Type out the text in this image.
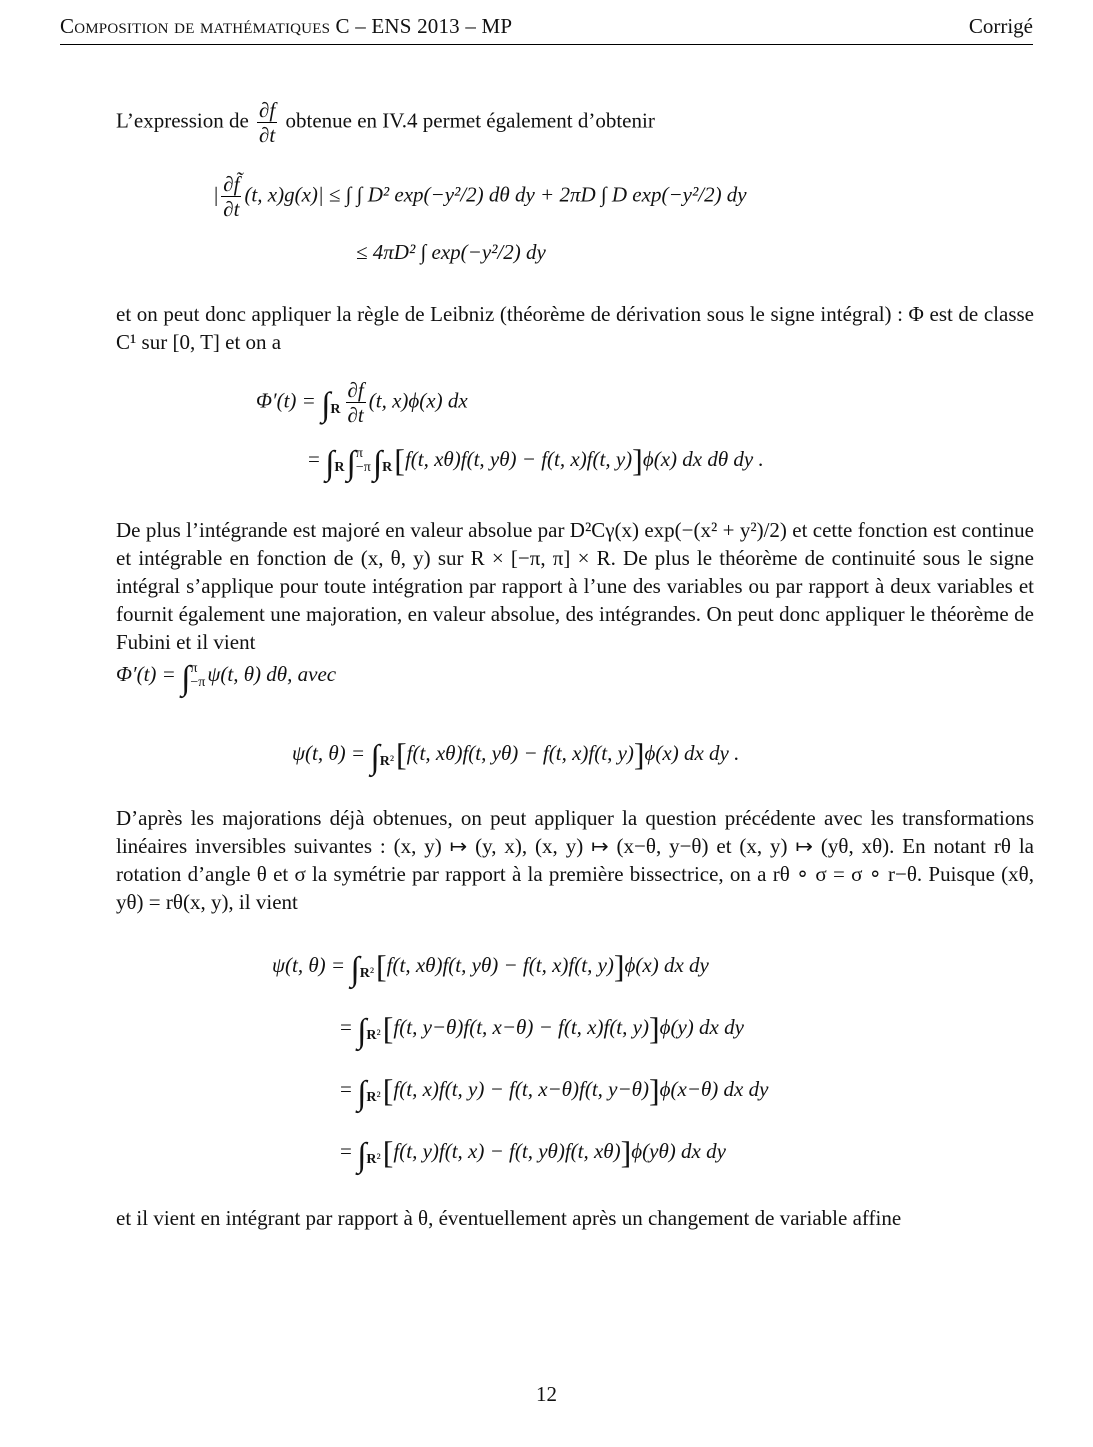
Composition de mathématiques C – ENS 2013 – MP	Corrigé
L’expression de $\frac{\partial f}{\partial t}$ obtenue en IV.4 permet également d’obtenir
| $\frac{\partial f̃}{\partial t} (t$, x)g(x)| ≤ ∫ ∫ D² exp(−y²/2) dθ dy + 2πD ∫ D exp(−y²/2) dy
≤ 4πD² ∫ exp(−y²/2) dy

et on peut donc appliquer la règle de Leibniz (théorème de dérivation sous le signe intégral) : Φ est de classe C¹ sur [0, T] et on a

Φ′(t) = ∫
R $\frac{\partial f}{\partial t} (t$, x)ϕ(x) dx
= ∫
R∫π
−π∫
R[f(t, xθ)f(t, yθ) − f(t, x)f(t, y)]ϕ(x) dx dθ dy .

De plus l’intégrande est majoré en valeur absolue par D²Cγ(x) exp(−(x² + y²)/2) et cette fonction est continue et intégrable en fonction de (x, θ, y) sur R × [−π, π] × R. De plus le théorème de continuité sous le signe intégral s’applique pour toute intégration par rapport à l’une des variables ou par rapport à deux variables et fournit également une majoration, en valeur absolue, des intégrandes. On peut donc appliquer le théorème de Fubini et il vient

Φ′(t) = ∫π
−πψ(t, θ) dθ, avec
ψ(t, θ) = ∫
R²[f(t, xθ)f(t, yθ) − f(t, x)f(t, y)]ϕ(x) dx dy .

D’après les majorations déjà obtenues, on peut appliquer la question précédente avec les transformations linéaires inversibles suivantes : (x, y) ↦ (y, x), (x, y) ↦ (x−θ, y−θ) et (x, y) ↦ (yθ, xθ). En notant rθ la rotation d’angle θ et σ la symétrie par rapport à la première bissectrice, on a rθ ∘ σ = σ ∘ r−θ. Puisque (xθ, yθ) = rθ(x, y), il vient

ψ(t, θ) = ∫
R²[f(t, xθ)f(t, yθ) − f(t, x)f(t, y)]ϕ(x) dx dy
= ∫
R²[f(t, y−θ)f(t, x−θ) − f(t, x)f(t, y)]ϕ(y) dx dy
= ∫
R²[f(t, x)f(t, y) − f(t, x−θ)f(t, y−θ)]ϕ(x−θ) dx dy
= ∫
R²[f(t, y)f(t, x) − f(t, yθ)f(t, xθ)]ϕ(yθ) dx dy
et il vient en intégrant par rapport à θ, éventuellement après un changement de variable affine
12
